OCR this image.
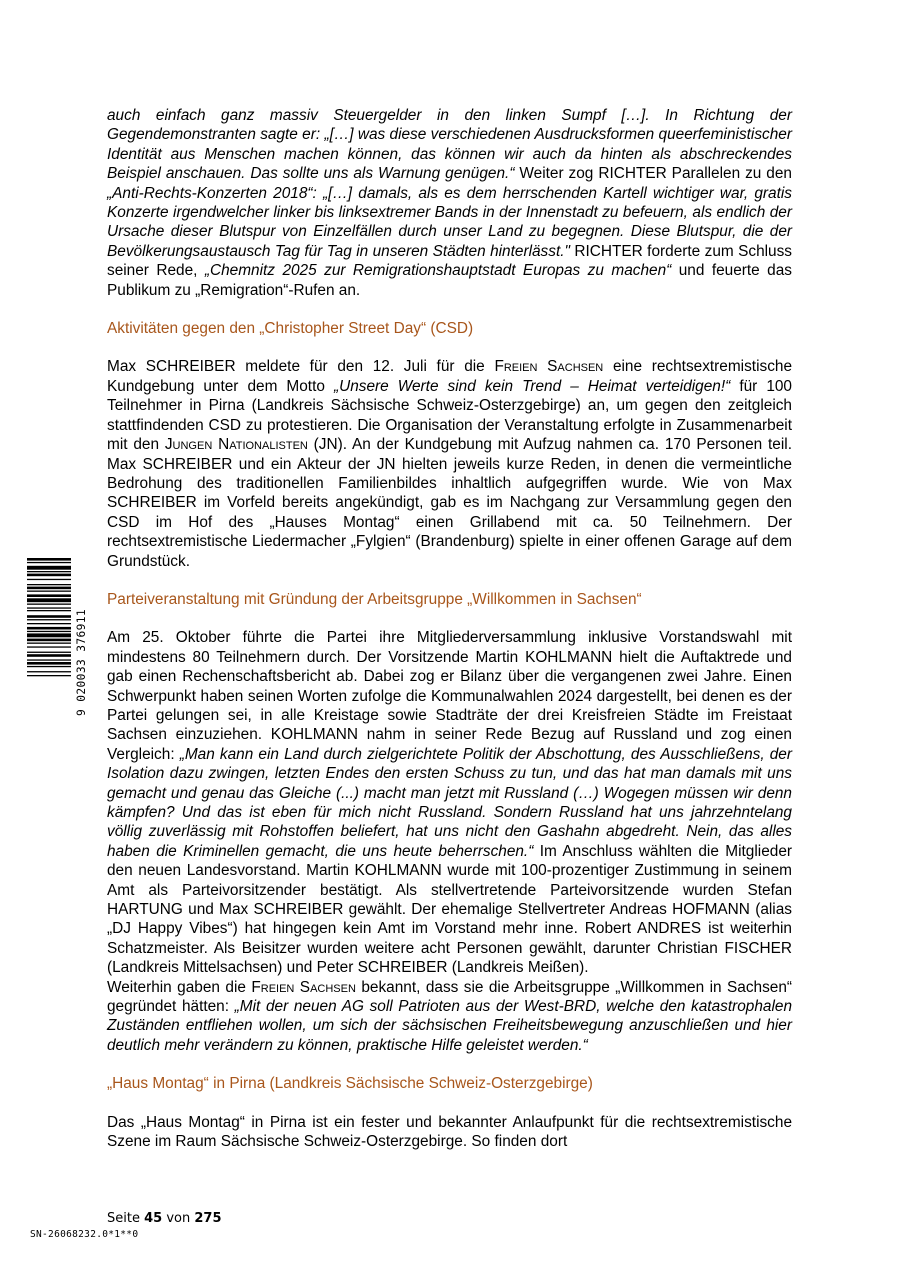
auch einfach ganz massiv Steuergelder in den linken Sumpf […]. In Richtung der Gegendemonstranten sagte er: „[…] was diese verschiedenen Ausdrucksformen queerfeministischer Identität aus Menschen machen können, das können wir auch da hinten als abschreckendes Beispiel anschauen. Das sollte uns als Warnung genügen.“ Weiter zog RICHTER Parallelen zu den „Anti-Rechts-Konzerten 2018“: „[…] damals, als es dem herrschenden Kartell wichtiger war, gratis Konzerte irgendwelcher linker bis linksextremer Bands in der Innenstadt zu befeuern, als endlich der Ursache dieser Blutspur von Einzelfällen durch unser Land zu begegnen. Diese Blutspur, die der Bevölkerungsaustausch Tag für Tag in unseren Städten hinterlässt." RICHTER forderte zum Schluss seiner Rede, „Chemnitz 2025 zur Remigrationshauptstadt Europas zu machen“ und feuerte das Publikum zu „Remigration“-Rufen an.

Aktivitäten gegen den „Christopher Street Day“ (CSD)

Max SCHREIBER meldete für den 12. Juli für die Freien Sachsen eine rechtsextremistische Kundgebung unter dem Motto „Unsere Werte sind kein Trend – Heimat verteidigen!“ für 100 Teilnehmer in Pirna (Landkreis Sächsische Schweiz-Osterzgebirge) an, um gegen den zeitgleich stattfindenden CSD zu protestieren. Die Organisation der Veranstaltung erfolgte in Zusammenarbeit mit den Jungen Nationalisten (JN). An der Kundgebung mit Aufzug nahmen ca. 170 Personen teil. Max SCHREIBER und ein Akteur der JN hielten jeweils kurze Reden, in denen die vermeintliche Bedrohung des traditionellen Familienbildes inhaltlich aufgegriffen wurde. Wie von Max SCHREIBER im Vorfeld bereits angekündigt, gab es im Nachgang zur Versammlung gegen den CSD im Hof des „Hauses Montag“ einen Grillabend mit ca. 50 Teilnehmern. Der rechtsextremistische Liedermacher „Fylgien“ (Brandenburg) spielte in einer offenen Garage auf dem Grundstück.

Parteiveranstaltung mit Gründung der Arbeitsgruppe „Willkommen in Sachsen“

Am 25. Oktober führte die Partei ihre Mitgliederversammlung inklusive Vorstandswahl mit mindestens 80 Teilnehmern durch. Der Vorsitzende Martin KOHLMANN hielt die Auftaktrede und gab einen Rechenschaftsbericht ab. Dabei zog er Bilanz über die vergangenen zwei Jahre. Einen Schwerpunkt haben seinen Worten zufolge die Kommunalwahlen 2024 dargestellt, bei denen es der Partei gelungen sei, in alle Kreistage sowie Stadträte der drei Kreisfreien Städte im Freistaat Sachsen einzuziehen. KOHLMANN nahm in seiner Rede Bezug auf Russland und zog einen Vergleich: „Man kann ein Land durch zielgerichtete Politik der Abschottung, des Ausschließens, der Isolation dazu zwingen, letzten Endes den ersten Schuss zu tun, und das hat man damals mit uns gemacht und genau das Gleiche (...) macht man jetzt mit Russland (…) Wogegen müssen wir denn kämpfen? Und das ist eben für mich nicht Russland. Sondern Russland hat uns jahrzehntelang völlig zuverlässig mit Rohstoffen beliefert, hat uns nicht den Gashahn abgedreht. Nein, das alles haben die Kriminellen gemacht, die uns heute beherrschen.“ Im Anschluss wählten die Mitglieder den neuen Landesvorstand. Martin KOHLMANN wurde mit 100-prozentiger Zustimmung in seinem Amt als Parteivorsitzender bestätigt. Als stellvertretende Parteivorsitzende wurden Stefan HARTUNG und Max SCHREIBER gewählt. Der ehemalige Stellvertreter Andreas HOFMANN (alias „DJ Happy Vibes“) hat hingegen kein Amt im Vorstand mehr inne. Robert ANDRES ist weiterhin Schatzmeister. Als Beisitzer wurden weitere acht Personen gewählt, darunter Christian FISCHER (Landkreis Mittelsachsen) und Peter SCHREIBER (Landkreis Meißen).

Weiterhin gaben die Freien Sachsen bekannt, dass sie die Arbeitsgruppe „Willkommen in Sachsen“ gegründet hätten: „Mit der neuen AG soll Patrioten aus der West-BRD, welche den katastrophalen Zuständen entfliehen wollen, um sich der sächsischen Freiheitsbewegung anzuschließen und hier deutlich mehr verändern zu können, praktische Hilfe geleistet werden.“

„Haus Montag“ in Pirna (Landkreis Sächsische Schweiz-Osterzgebirge)

Das „Haus Montag“ in Pirna ist ein fester und bekannter Anlaufpunkt für die rechtsextremistische Szene im Raum Sächsische Schweiz-Osterzgebirge. So finden dort

Seite 45 von 275
SN-26068232.0*1**0
9 020033 376911
